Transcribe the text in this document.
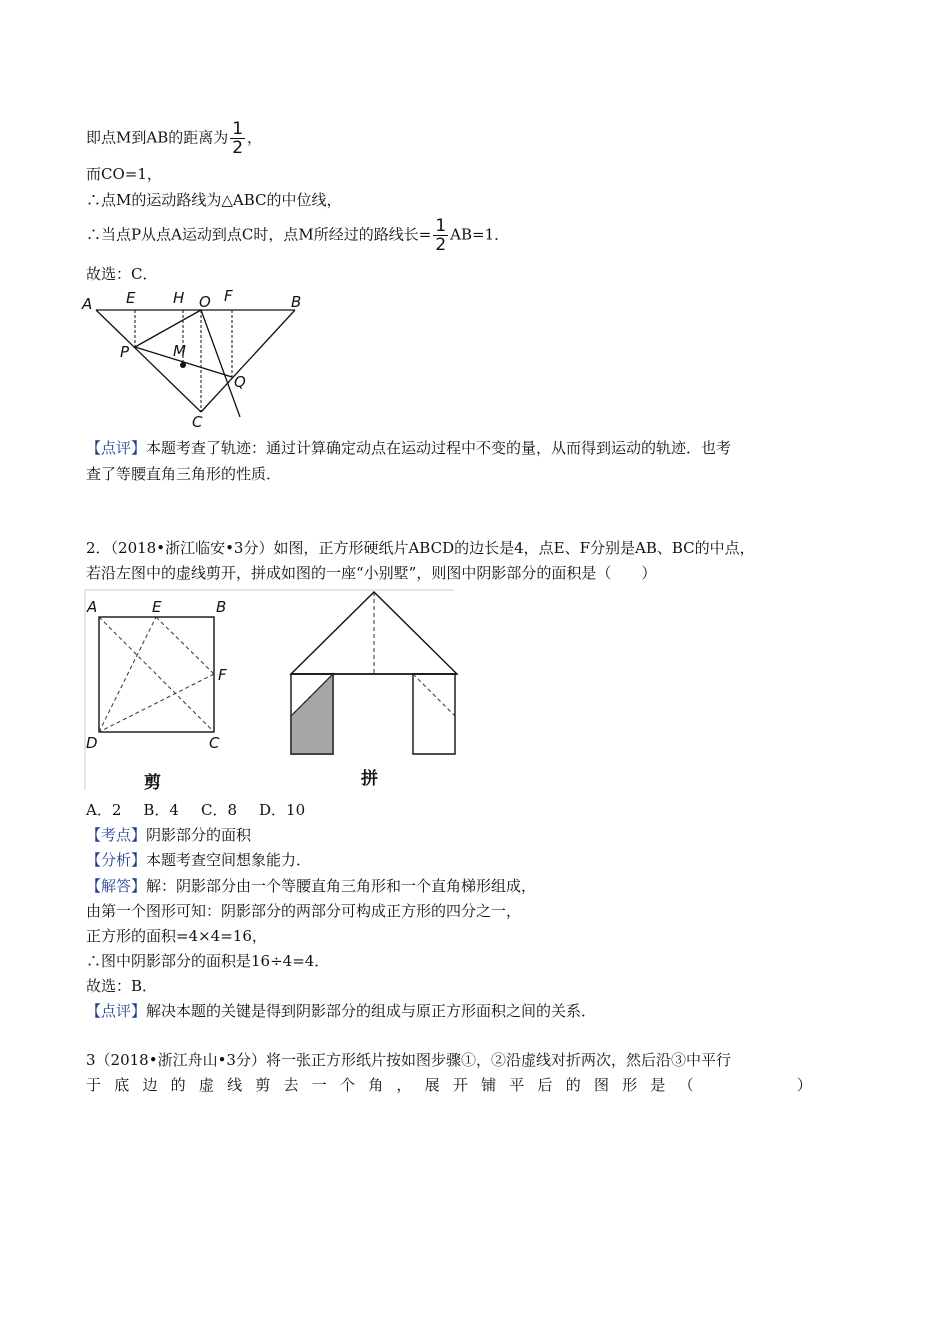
即点M到AB的距离为 $\frac{1}{2}$ ，
而CO=1，
∴点M的运动路线为△ABC的中位线，
∴当点P从点A运动到点C时，点M所经过的路线长= $\frac{1}{2} AB=1$．
故选：C．
A E	H O F	B
P	M
Q
C
【点评】本题考查了轨迹：通过计算确定动点在运动过程中不变的量，从而得到运动的轨迹．也考
查了等腰直角三角形的性质．
2．（2018•浙江临安•3分）如图，正方形硬纸片ABCD的边长是4，点E、F分别是AB、BC的中点，
若沿左图中的虚线剪开，拼成如图的一座“小别墅”，则图中阴影部分的面积是（　　）
A	E	B
F
D	C
剪	拼
A．2 B．4 C．8 D．10
【考点】阴影部分的面积
【分析】本题考查空间想象能力．
【解答】解：阴影部分由一个等腰直角三角形和一个直角梯形组成，
由第一个图形可知：阴影部分的两部分可构成正方形的四分之一，
正方形的面积=4×4=16，
∴图中阴影部分的面积是16÷4=4．
故选：B．
【点评】解决本题的关键是得到阴影部分的组成与原正方形面积之间的关系．
3（2018•浙江舟山•3分）将一张正方形纸片按如图步骤①，②沿虚线对折两次，然后沿③中平行
于 底 边 的 虚 线 剪 去 一 个 角 ， 展 开 铺 平 后 的 图 形 是 （	）
